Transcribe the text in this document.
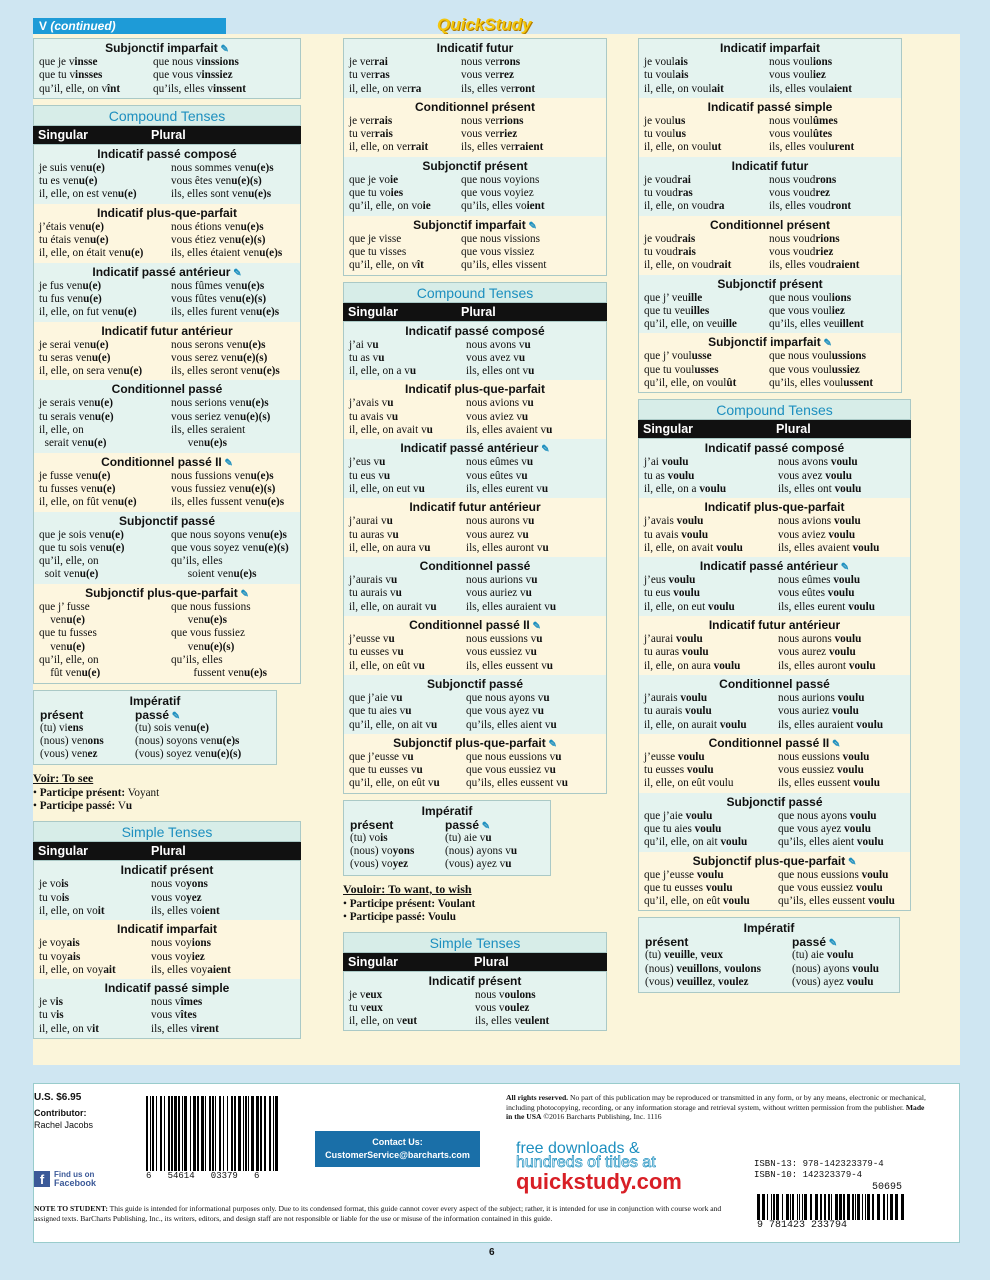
V (continued)	QuickStudy
Subjonctif imparfait ✎
que je vinsse	que nous vinssions
que tu vinsses	que vous vinssiez
qu’il, elle, on vînt	qu’ils, elles vinssent
Compound Tenses
Singular	Plural
Indicatif passé composé
je suis venu(e)	nous sommes venu(e)s
tu es venu(e)	vous êtes venu(e)(s)
il, elle, on est venu(e)	ils, elles sont venu(e)s
Indicatif plus-que-parfait
j’étais venu(e)	nous étions venu(e)s
tu étais venu(e)	vous étiez venu(e)(s)
il, elle, on était venu(e)	ils, elles étaient venu(e)s
Indicatif passé antérieur ✎
je fus venu(e)	nous fûmes venu(e)s
tu fus venu(e)	vous fûtes venu(e)(s)
il, elle, on fut venu(e)	ils, elles furent venu(e)s
Indicatif futur antérieur
je serai venu(e)	nous serons venu(e)s
tu seras venu(e)	vous serez venu(e)(s)
il, elle, on sera venu(e)	ils, elles seront venu(e)s
Conditionnel passé
je serais venu(e)	nous serions venu(e)s
tu serais venu(e)	vous seriez venu(e)(s)
il, elle, on	ils, elles seraient
serait venu(e)	venu(e)s
Conditionnel passé II ✎
je fusse venu(e)	nous fussions venu(e)s
tu fusses venu(e)	vous fussiez venu(e)(s)
il, elle, on fût venu(e)	ils, elles fussent venu(e)s
Subjonctif passé
que je sois venu(e)	que nous soyons venu(e)s
que tu sois venu(e)	que vous soyez venu(e)(s)
qu’il, elle, on	qu’ils, elles
soit venu(e)	soient venu(e)s
Subjonctif plus-que-parfait ✎
que j’ fusse	que nous fussions
venu(e)	venu(e)s
que tu fusses	que vous fussiez
venu(e)	venu(e)(s)
qu’il, elle, on	qu’ils, elles
fût venu(e)	fussent venu(e)s
Impératif
présent	passé ✎
(tu) viens	(tu) sois venu(e)
(nous) venons	(nous) soyons venu(e)s
(vous) venez	(vous) soyez venu(e)(s)
Voir: To see
• Participe présent: Voyant
• Participe passé: Vu
Simple Tenses
Singular	Plural
Indicatif présent
je vois	nous voyons
tu vois	vous voyez
il, elle, on voit	ils, elles voient
Indicatif imparfait
je voyais	nous voyions
tu voyais	vous voyiez
il, elle, on voyait	ils, elles voyaient
Indicatif passé simple
je vis	nous vîmes
tu vis	vous vîtes
il, elle, on vit	ils, elles virent
Indicatif futur
je verrai	nous verrons
tu verras	vous verrez
il, elle, on verra	ils, elles verront
Conditionnel présent
je verrais	nous verrions
tu verrais	vous verriez
il, elle, on verrait	ils, elles verraient
Subjonctif présent
que je voie	que nous voyions
que tu voies	que vous voyiez
qu’il, elle, on voie	qu’ils, elles voient
Subjonctif imparfait ✎
que je visse	que nous vissions
que tu visses	que vous vissiez
qu’il, elle, on vît	qu’ils, elles vissent
Compound Tenses
Singular	Plural
Indicatif passé composé
j’ai vu	nous avons vu
tu as vu	vous avez vu
il, elle, on a vu	ils, elles ont vu
Indicatif plus-que-parfait
j’avais vu	nous avions vu
tu avais vu	vous aviez vu
il, elle, on avait vu	ils, elles avaient vu
Indicatif passé antérieur ✎
j’eus vu	nous eûmes vu
tu eus vu	vous eûtes vu
il, elle, on eut vu	ils, elles eurent vu
Indicatif futur antérieur
j’aurai vu	nous aurons vu
tu auras vu	vous aurez vu
il, elle, on aura vu	ils, elles auront vu
Conditionnel passé
j’aurais vu	nous aurions vu
tu aurais vu	vous auriez vu
il, elle, on aurait vu	ils, elles auraient vu
Conditionnel passé II ✎
j’eusse vu	nous eussions vu
tu eusses vu	vous eussiez vu
il, elle, on eût vu	ils, elles eussent vu
Subjonctif passé
que j’aie vu	que nous ayons vu
que tu aies vu	que vous ayez vu
qu’il, elle, on ait vu	qu’ils, elles aient vu
Subjonctif plus-que-parfait ✎
que j’eusse vu	que nous eussions vu
que tu eusses vu	que vous eussiez vu
qu’il, elle, on eût vu	qu’ils, elles eussent vu
Impératif
présent	passé ✎
(tu) vois	(tu) aie vu
(nous) voyons	(nous) ayons vu
(vous) voyez	(vous) ayez vu
Vouloir: To want, to wish
• Participe présent: Voulant
• Participe passé: Voulu
Simple Tenses
Singular	Plural
Indicatif présent
je veux	nous voulons
tu veux	vous voulez
il, elle, on veut	ils, elles veulent
Indicatif imparfait
je voulais	nous voulions
tu voulais	vous vouliez
il, elle, on voulait	ils, elles voulaient
Indicatif passé simple
je voulus	nous voulûmes
tu voulus	vous voulûtes
il, elle, on voulut	ils, elles voulurent
Indicatif futur
je voudrai	nous voudrons
tu voudras	vous voudrez
il, elle, on voudra	ils, elles voudront
Conditionnel présent
je voudrais	nous voudrions
tu voudrais	vous voudriez
il, elle, on voudrait	ils, elles voudraient
Subjonctif présent
que j’ veuille	que nous voulions
que tu veuilles	que vous vouliez
qu’il, elle, on veuille	qu’ils, elles veuillent
Subjonctif imparfait ✎
que j’ voulusse	que nous voulussions
que tu voulusses	que vous voulussiez
qu’il, elle, on voulût	qu’ils, elles voulussent
Compound Tenses
Singular	Plural
Indicatif passé composé
j’ai voulu	nous avons voulu
tu as voulu	vous avez voulu
il, elle, on a voulu	ils, elles ont voulu
Indicatif plus-que-parfait
j’avais voulu	nous avions voulu
tu avais voulu	vous aviez voulu
il, elle, on avait voulu	ils, elles avaient voulu
Indicatif passé antérieur ✎
j’eus voulu	nous eûmes voulu
tu eus voulu	vous eûtes voulu
il, elle, on eut voulu	ils, elles eurent voulu
Indicatif futur antérieur
j’aurai voulu	nous aurons voulu
tu auras voulu	vous aurez voulu
il, elle, on aura voulu	ils, elles auront voulu
Conditionnel passé
j’aurais voulu	nous aurions voulu
tu aurais voulu	vous auriez voulu
il, elle, on aurait voulu	ils, elles auraient voulu
Conditionnel passé II ✎
j’eusse voulu	nous eussions voulu
tu eusses voulu	vous eussiez voulu
il, elle, on eût voulu	ils, elles eussent voulu
Subjonctif passé
que j’aie voulu	que nous ayons voulu
que tu aies voulu	que vous ayez voulu
qu’il, elle, on ait voulu	qu’ils, elles aient voulu
Subjonctif plus-que-parfait ✎
que j’eusse voulu	que nous eussions voulu
que tu eusses voulu	que vous eussiez voulu
qu’il, elle, on eût voulu	qu’ils, elles eussent voulu
Impératif
présent	passé ✎
(tu) veuille, veux	(tu) aie voulu
(nous) veuillons, voulons	(nous) ayons voulu
(vous) veuillez, voulez	(vous) ayez voulu
U.S. $6.95
Contributor:
Rachel Jacobs
f	Find us on
Facebook
6   54614   03379   6
Contact Us:
CustomerService@barcharts.com
All rights reserved. No part of this publication may be reproduced or transmitted in any form, or by any means, electronic or mechanical, including photocopying, recording, or any information storage and retrieval system, without written permission from the publisher. Made in the USA ©2016 Barcharts Publishing, Inc. 1116
free downloads &
hundreds of titles at
quickstudy.com
ISBN-13: 978-142323379-4
ISBN-10: 142323379-4
50695
9 781423 233794
NOTE TO STUDENT: This guide is intended for informational purposes only. Due to its condensed format, this guide cannot cover every aspect of the subject; rather, it is intended for use in conjunction with course work and assigned texts. BarCharts Publishing, Inc., its writers, editors, and design staff are not responsible or liable for the use or misuse of the information contained in this guide.
6
